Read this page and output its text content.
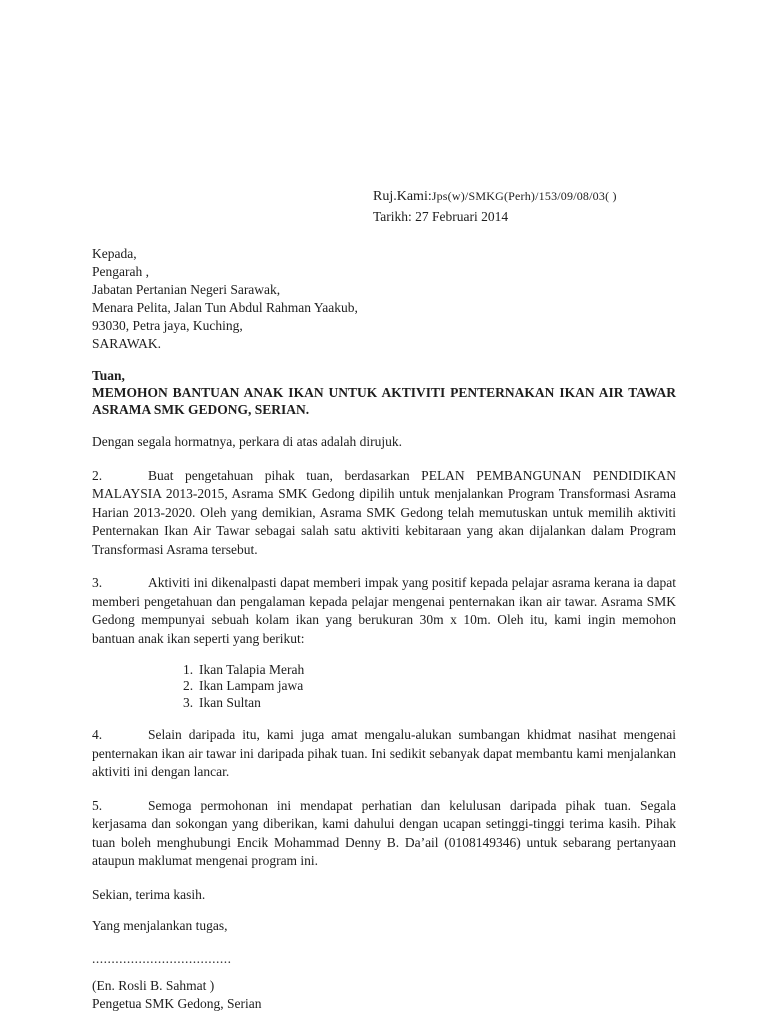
Ruj.Kami:Jps(w)/SMKG(Perh)/153/09/08/03( )
Tarikh: 27 Februari 2014
Kepada,
Pengarah ,
Jabatan Pertanian Negeri Sarawak,
Menara Pelita, Jalan Tun Abdul Rahman Yaakub,
93030, Petra jaya, Kuching,
SARAWAK.
Tuan,
MEMOHON BANTUAN ANAK IKAN UNTUK AKTIVITI PENTERNAKAN IKAN AIR TAWAR
ASRAMA SMK GEDONG, SERIAN.
Dengan segala hormatnya, perkara di atas adalah dirujuk.

2.	Buat pengetahuan pihak tuan, berdasarkan PELAN PEMBANGUNAN PENDIDIKAN MALAYSIA 2013-2015, Asrama SMK Gedong dipilih untuk menjalankan Program Transformasi Asrama Harian 2013-2020. Oleh yang demikian, Asrama SMK Gedong telah memutuskan untuk memilih aktiviti Penternakan Ikan Air Tawar sebagai salah satu aktiviti kebitaraan yang akan dijalankan dalam Program Transformasi Asrama tersebut.

3.	Aktiviti ini dikenalpasti dapat memberi impak yang positif kepada pelajar asrama kerana ia dapat memberi pengetahuan dan pengalaman kepada pelajar mengenai penternakan ikan air tawar. Asrama SMK Gedong mempunyai sebuah kolam ikan yang berukuran 30m x 10m. Oleh itu, kami ingin memohon bantuan anak ikan seperti yang berikut:

1. Ikan Talapia Merah
2. Ikan Lampam jawa
3. Ikan Sultan

4.	Selain daripada itu, kami juga amat mengalu-alukan sumbangan khidmat nasihat mengenai penternakan ikan air tawar ini daripada pihak tuan. Ini sedikit sebanyak dapat membantu kami menjalankan aktiviti ini dengan lancar.

5.	Semoga permohonan ini mendapat perhatian dan kelulusan daripada pihak tuan. Segala kerjasama dan sokongan yang diberikan, kami dahului dengan ucapan setinggi-tinggi terima kasih. Pihak tuan boleh menghubungi Encik Mohammad Denny B. Da’ail (0108149346) untuk sebarang pertanyaan ataupun maklumat mengenai program ini.

Sekian, terima kasih.
Yang menjalankan tugas,
....................................
(En. Rosli B. Sahmat )
Pengetua SMK Gedong, Serian
